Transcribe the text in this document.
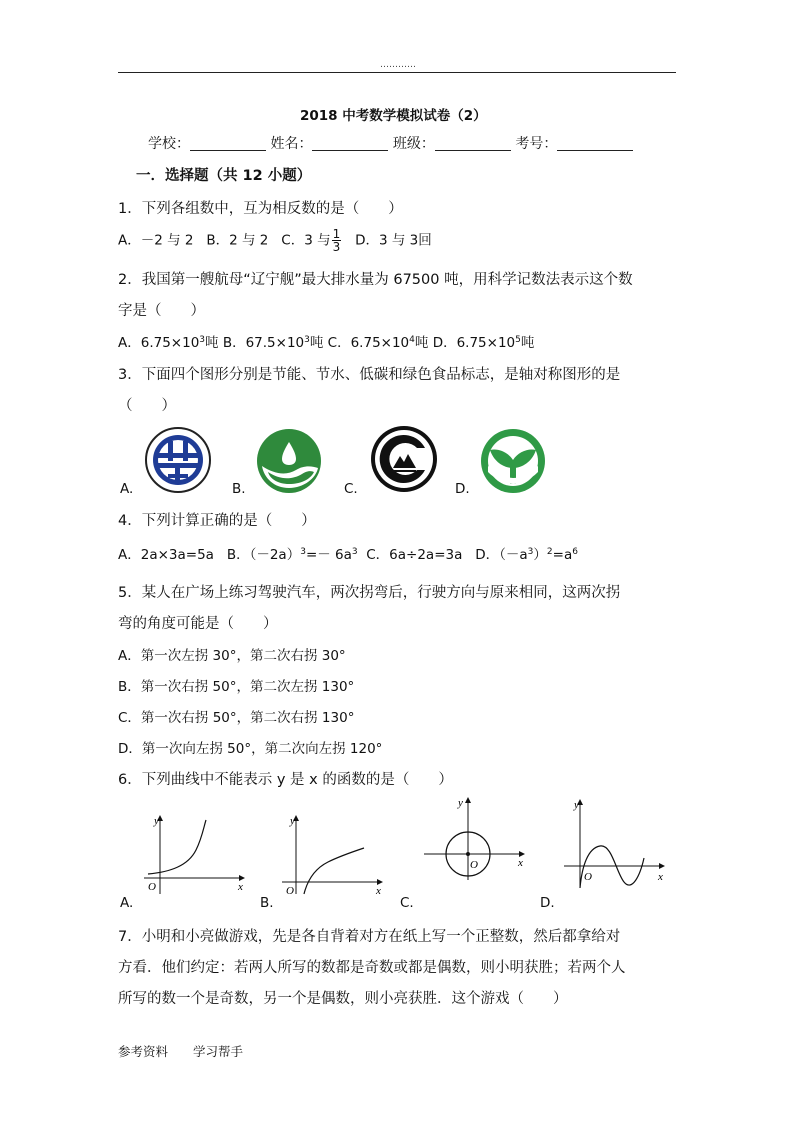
…………
2018 中考数学模拟试卷（2）
学校：	姓名：	班级：	考号：
一．选择题（共 12 小题）
1．下列各组数中，互为相反数的是（　　）
A．－2 与 2 B．2 与 2 C．3 与 $\frac{1}{3}$ D．3 与 3回
2．我国第一艘航母“辽宁舰”最大排水量为 67500 吨，用科学记数法表示这个数
字是（　　）
A．$6.75\times 10^3$吨 B．$67.5\times 10^3$吨 C．$6.75\times 10^4$吨 D．$6.75\times 10^5$吨
3．下面四个图形分别是节能、节水、低碳和绿色食品标志，是轴对称图形的是
（　　）
A.	B.	C.	D.
4．下列计算正确的是（　　）
A．2a×3a=5a B．$(-2a)^3=- 6a^3$ C．6a÷2a=3a D．$(-a^3)^2=a^6$
5．某人在广场上练习驾驶汽车，两次拐弯后，行驶方向与原来相同，这两次拐
弯的角度可能是（　　）
A．第一次左拐 30°，第二次右拐 30°
B．第一次右拐 50°，第二次左拐 130°
C．第一次右拐 50°，第二次右拐 130°
D．第一次向左拐 50°，第二次向左拐 120°
6．下列曲线中不能表示 y 是 x 的函数的是（　　）
A.
y
x
O
B.
y
x
O
C.
y
x
O
D.
y
x
O
7．小明和小亮做游戏，先是各自背着对方在纸上写一个正整数，然后都拿给对
方看．他们约定：若两人所写的数都是奇数或都是偶数，则小明获胜；若两个人
所写的数一个是奇数，另一个是偶数，则小亮获胜．这个游戏（　　）
参考资料　　学习帮手
